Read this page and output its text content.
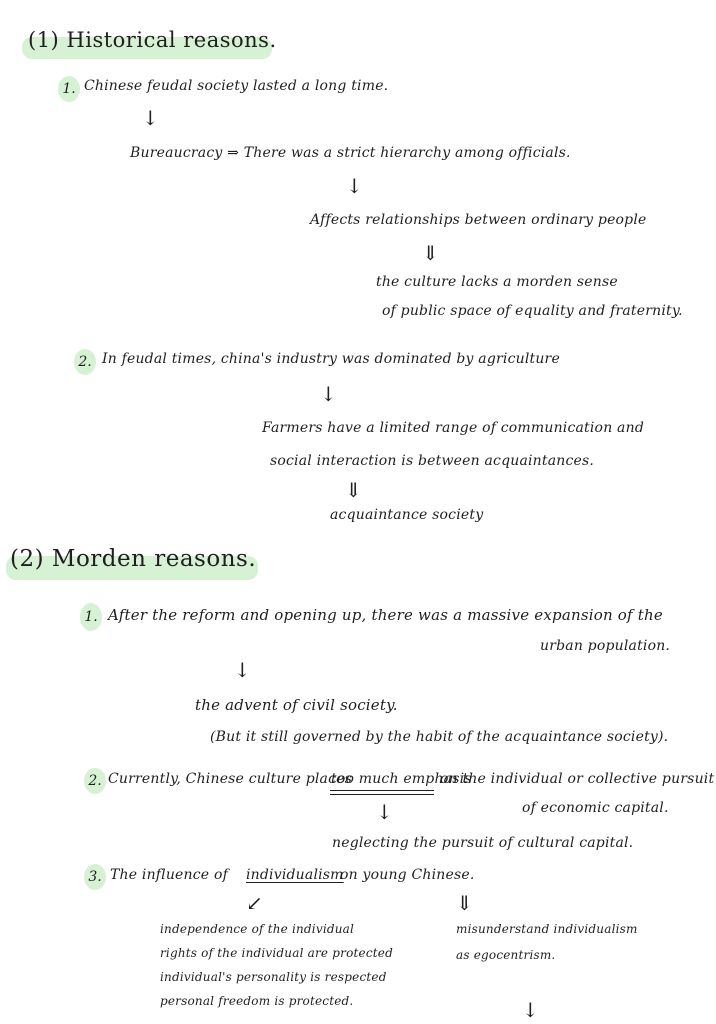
(1) Historical reasons.
1. Chinese feudal society lasted a long time.
↓
Bureaucracy ⇒ There was a strict hierarchy among officials.
↓
Affects relationships between ordinary people
⇓
the culture lacks a morden sense
of public space of equality and fraternity.
2. In feudal times, china's industry was dominated by agriculture
↓
Farmers have a limited range of communication and
social interaction is between acquaintances.
⇓
acquaintance society
(2) Morden reasons.
1. After the reform and opening up, there was a massive expansion of the
urban population.
↓
the advent of civil society.
(But it still governed by the habit of the acquaintance society).
2. Currently, Chinese culture places
too much emphasis
on the individual or collective pursuit
of economic capital.
↓
neglecting the pursuit of cultural capital.
3. The influence of individualism
on young Chinese.
↙	⇓
independence of the individual
rights of the individual are protected
individual's personality is respected
personal freedom is protected.
misunderstand individualism
as egocentrism.
↓
